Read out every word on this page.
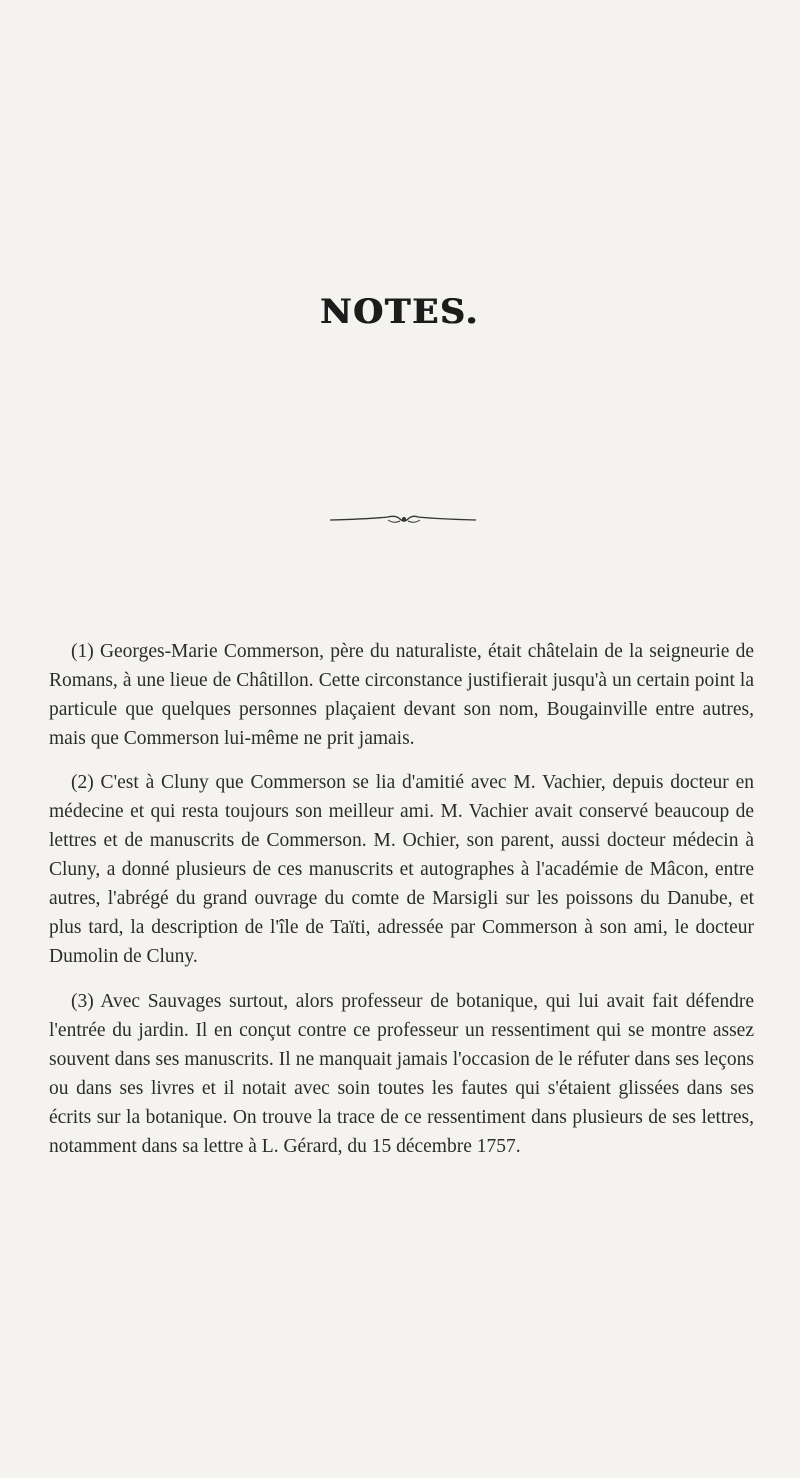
NOTES.

(1) Georges-Marie Commerson, père du naturaliste, était châtelain de la seigneurie de Romans, à une lieue de Châtillon. Cette circonstance justifierait jusqu'à un certain point la particule que quelques personnes plaçaient devant son nom, Bougainville entre autres, mais que Commerson lui-même ne prit jamais.

(2) C'est à Cluny que Commerson se lia d'amitié avec M. Vachier, depuis docteur en médecine et qui resta toujours son meilleur ami. M. Vachier avait conservé beaucoup de lettres et de manuscrits de Commerson. M. Ochier, son parent, aussi docteur médecin à Cluny, a donné plusieurs de ces manuscrits et autographes à l'académie de Mâcon, entre autres, l'abrégé du grand ouvrage du comte de Marsigli sur les poissons du Danube, et plus tard, la description de l'île de Taïti, adressée par Commerson à son ami, le docteur Dumolin de Cluny.

(3) Avec Sauvages surtout, alors professeur de botanique, qui lui avait fait défendre l'entrée du jardin. Il en conçut contre ce professeur un ressentiment qui se montre assez souvent dans ses manuscrits. Il ne manquait jamais l'occasion de le réfuter dans ses leçons ou dans ses livres et il notait avec soin toutes les fautes qui s'étaient glissées dans ses écrits sur la botanique. On trouve la trace de ce ressentiment dans plusieurs de ses lettres, notamment dans sa lettre à L. Gérard, du 15 décembre 1757.
